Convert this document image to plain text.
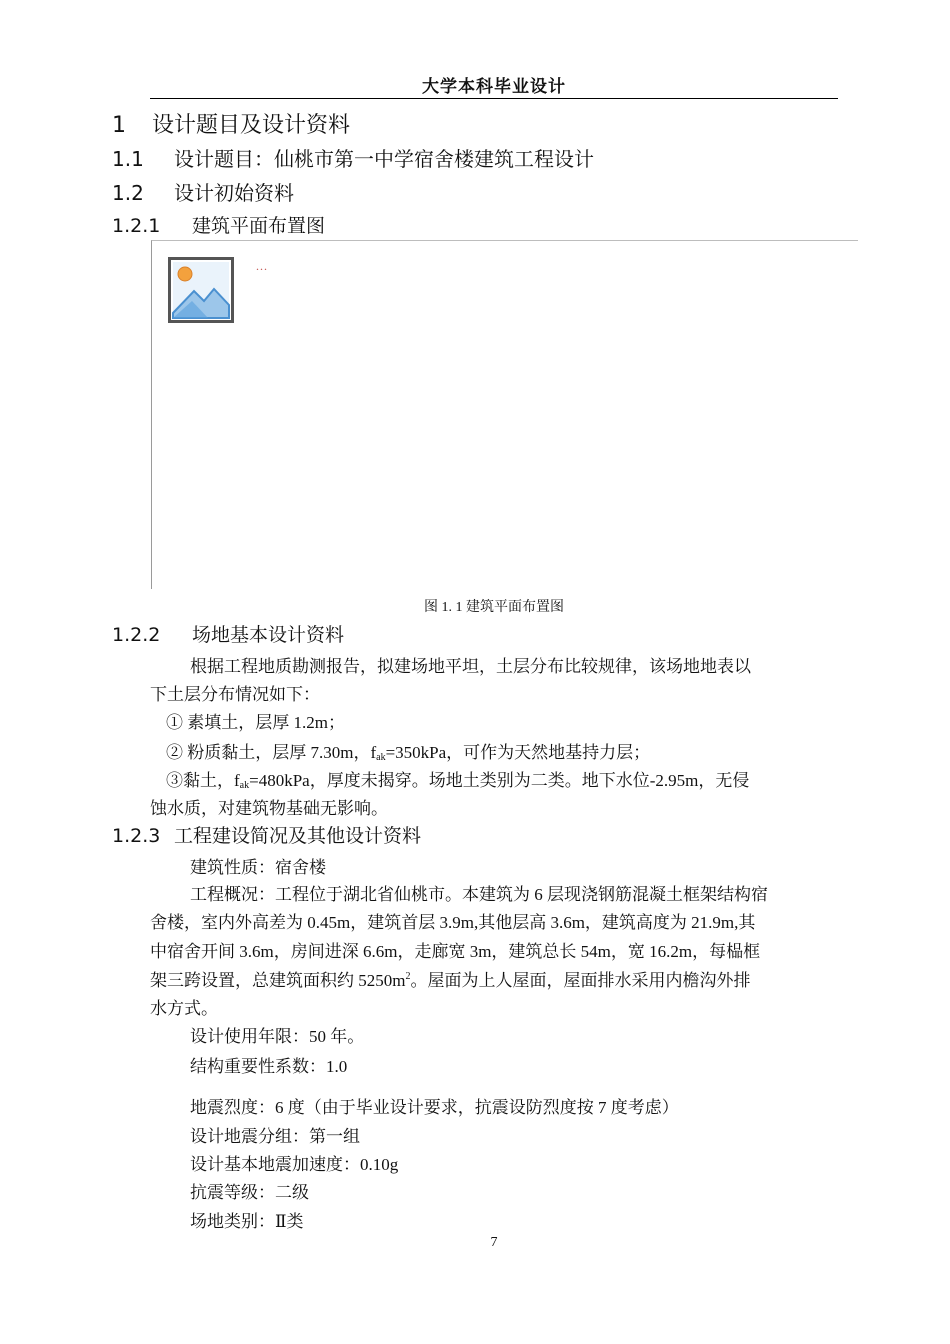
大学本科毕业设计
1 设计题目及设计资料
1.1 设计题目：仙桃市第一中学宿舍楼建筑工程设计
1.2 设计初始资料
1.2.1 建筑平面布置图
...
图 1. 1 建筑平面布置图
1.2.2 场地基本设计资料
根据工程地质勘测报告，拟建场地平坦，土层分布比较规律，该场地地表以
下土层分布情况如下：
① 素填土，层厚 1.2m；
② 粉质黏土，层厚 7.30m，$f_{ak}=350kPa$，可作为天然地基持力层；
③黏土，$f_{ak}=480kPa$，厚度未揭穿。场地土类别为二类。地下水位-2.95m，无侵
蚀水质，对建筑物基础无影响。
1.2.3 工程建设简况及其他设计资料
建筑性质：宿舍楼
工程概况：工程位于湖北省仙桃市。本建筑为 6 层现浇钢筋混凝土框架结构宿
舍楼，室内外高差为 0.45m，建筑首层 3.9m,其他层高 3.6m，建筑高度为 21.9m,其
中宿舍开间 3.6m，房间进深 6.6m，走廊宽 3m，建筑总长 54m，宽 16.2m，每榀框
架三跨设置，总建筑面积约 $5250m^2$。屋面为上人屋面，屋面排水采用内檐沟外排
水方式。
设计使用年限：50 年。
结构重要性系数：1.0
地震烈度：6 度（由于毕业设计要求，抗震设防烈度按 7 度考虑）
设计地震分组：第一组
设计基本地震加速度：0.10g
抗震等级：二级
场地类别：Ⅱ类
7
